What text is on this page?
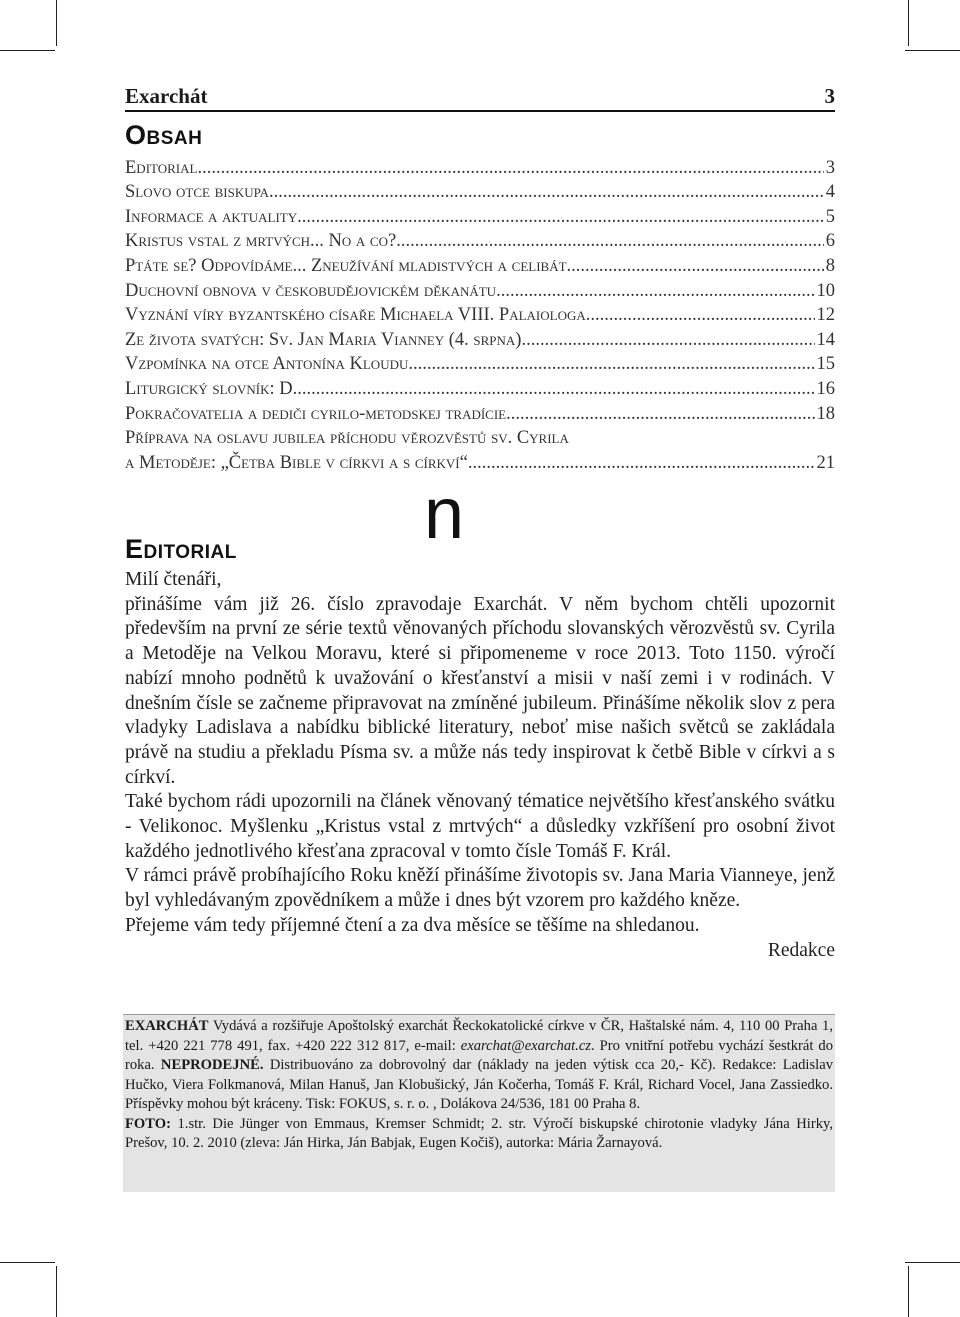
Exarchát	3
Obsah
Editorial .....	3
Slovo otce biskupa .....	4
Informace a aktuality .....	5
Kristus vstal z mrtvých... No a co? .....	6
Ptáte se? Odpovídáme... Zneužívání mladistvých a celibát .....	8
Duchovní obnova v českobudějovickém děkanátu .....	10
Vyznání víry byzantského císaře Michaela VIII. Palaiologa .....	12
Ze života svatých: Sv. Jan Maria Vianney (4. srpna) .....	14
Vzpomínka na otce Antonína Kloudu .....	15
Liturgický slovník: D .....	16
Pokračovatelia a dediči cyrilo-metodskej tradície .....	18
Příprava na oslavu jubilea příchodu věrozvěstů sv. Cyrila
a Metoděje: „Četba Bible v církvi a s církví“ .....	21
n
Editorial

Milí čtenáři,

přinášíme vám již 26. číslo zpravodaje Exarchát. V něm bychom chtěli upozornit především na první ze série textů věnovaných příchodu slovanských věrozvěstů sv. Cyrila a Metoděje na Velkou Moravu, které si připomeneme v roce 2013. Toto 1150. výročí nabízí mnoho podnětů k uvažování o křesťanství a misii v naší zemi i v rodinách. V dnešním čísle se začneme připravovat na zmíněné jubileum. Přinášíme několik slov z pera vladyky Ladislava a nabídku biblické literatury, neboť mise našich světců se zakládala právě na studiu a překladu Písma sv. a může nás tedy inspirovat k četbě Bible v církvi a s církví.

Také bychom rádi upozornili na článek věnovaný tématice největšího křesťanského svátku - Velikonoc. Myšlenku „Kristus vstal z mrtvých“ a důsledky vzkříšení pro osobní život každého jednotlivého křesťana zpracoval v tomto čísle Tomáš F. Král.

V rámci právě probíhajícího Roku kněží přinášíme životopis sv. Jana Maria Vianneye, jenž byl vyhledávaným zpovědníkem a může i dnes být vzorem pro každého kněze.

Přejeme vám tedy příjemné čtení a za dva měsíce se těšíme na shledanou.

Redakce

EXARCHÁT Vydává a rozšiřuje Apoštolský exarchát Řeckokatolické církve v ČR, Haštalské nám. 4, 110 00 Praha 1, tel. +420 221 778 491, fax. +420 222 312 817, e-mail: exarchat@exarchat.cz. Pro vnitřní potřebu vychází šestkrát do roka. NEPRODEJNÉ. Distribuováno za dobrovolný dar (náklady na jeden výtisk cca 20,- Kč). Redakce: Ladislav Hučko, Viera Folkmanová, Milan Hanuš, Jan Klobušický, Ján Kočerha, Tomáš F. Král, Richard Vocel, Jana Zassiedko. Příspěvky mohou být kráceny. Tisk: FOKUS, s. r. o. , Dolákova 24/536, 181 00 Praha 8.

FOTO: 1.str. Die Jünger von Emmaus, Kremser Schmidt; 2. str. Výročí biskupské chirotonie vladyky Jána Hirky, Prešov, 10. 2. 2010 (zleva: Ján Hirka, Ján Babjak, Eugen Kočiš), autorka: Mária Žarnayová.
